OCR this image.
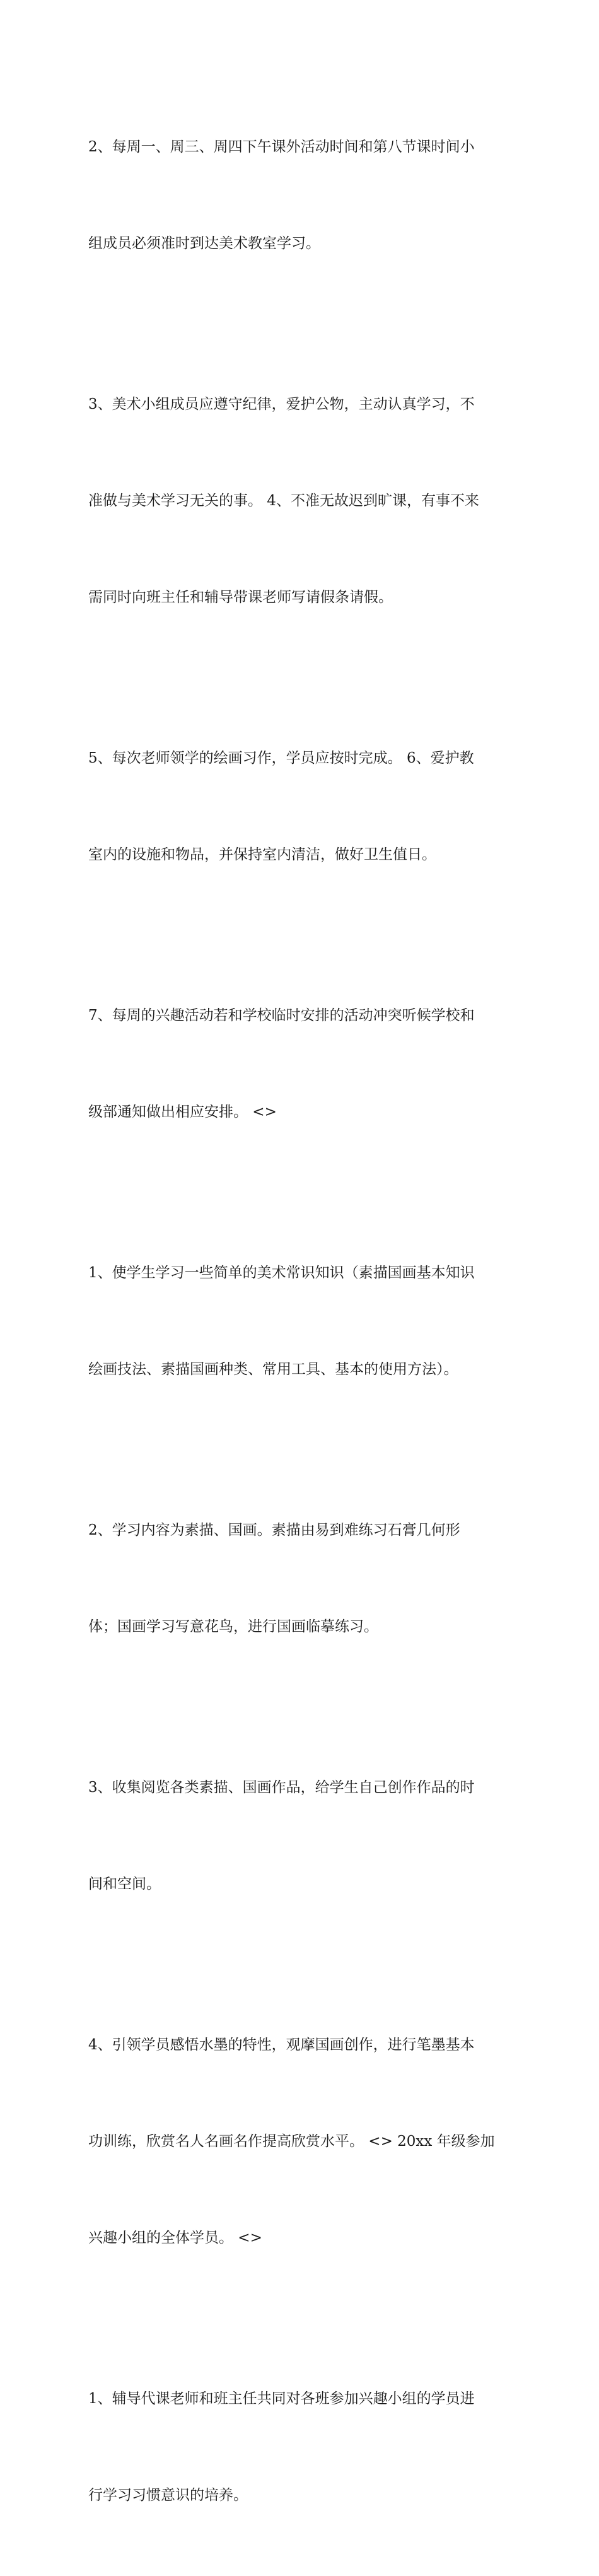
2、每周一、周三、周四下午课外活动时间和第八节课时间小

组成员必须准时到达美术教室学习。

3、美术小组成员应遵守纪律，爱护公物，主动认真学习，不

准做与美术学习无关的事。 4、不准无故迟到旷课，有事不来

需同时向班主任和辅导带课老师写请假条请假。

5、每次老师领学的绘画习作，学员应按时完成。 6、爱护教

室内的设施和物品，并保持室内清洁，做好卫生值日。

7、每周的兴趣活动若和学校临时安排的活动冲突听候学校和

级部通知做出相应安排。 <>

1、使学生学习一些简单的美术常识知识（素描国画基本知识

绘画技法、素描国画种类、常用工具、基本的使用方法）。

2、学习内容为素描、国画。素描由易到难练习石膏几何形

体；国画学习写意花鸟，进行国画临摹练习。

3、收集阅览各类素描、国画作品，给学生自己创作作品的时

间和空间。

4、引领学员感悟水墨的特性，观摩国画创作，进行笔墨基本

功训练，欣赏名人名画名作提高欣赏水平。 <> 20xx 年级参加

兴趣小组的全体学员。 <>

1、辅导代课老师和班主任共同对各班参加兴趣小组的学员进

行学习习惯意识的培养。
